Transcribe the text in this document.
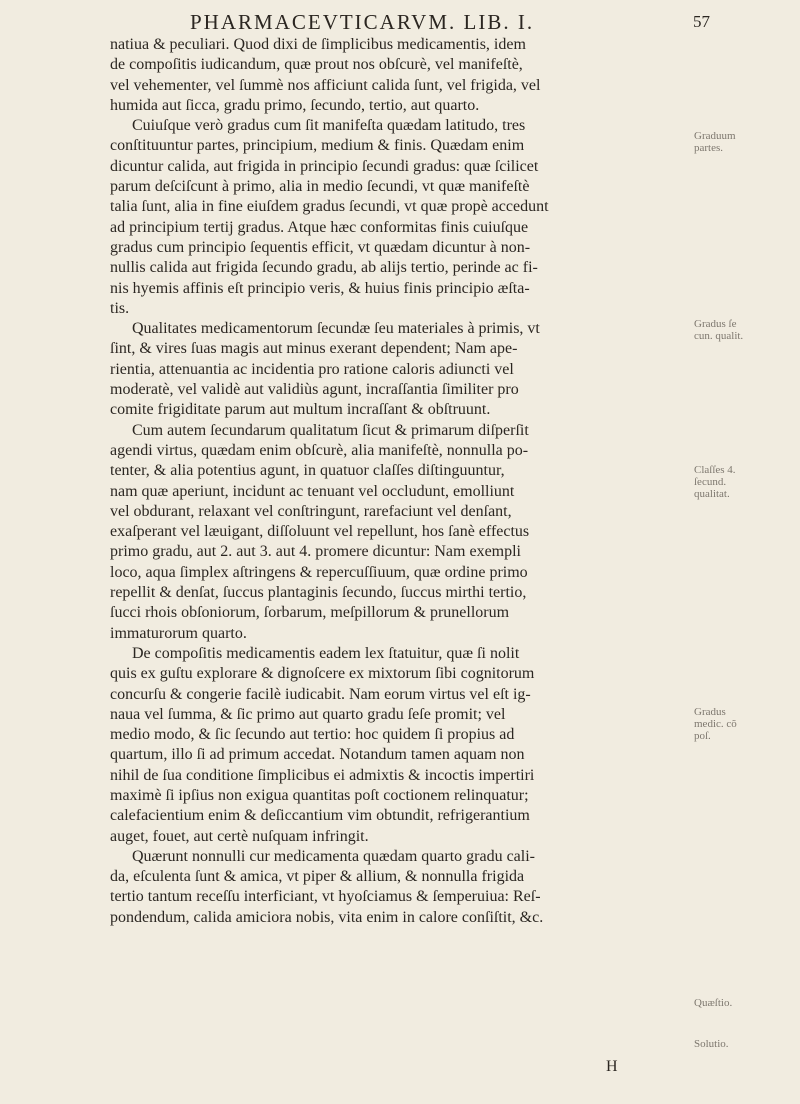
PHARMACEVTICARVM. LIB. I.	57
natiua & peculiari. Quod dixi de ſimplicibus medicamentis, idem
de compoſitis iudicandum, quæ prout nos obſcurè, vel manifeſtè,
vel vehementer, vel ſummè nos afficiunt calida ſunt, vel frigida, vel
humida aut ſicca, gradu primo, ſecundo, tertio, aut quarto.
Cuiuſque verò gradus cum ſit manifeſta quædam latitudo, tres
conſtituuntur partes, principium, medium & finis. Quædam enim
dicuntur calida, aut frigida in principio ſecundi gradus: quæ ſcilicet
parum deſciſcunt à primo, alia in medio ſecundi, vt quæ manifeſtè
talia ſunt, alia in fine eiuſdem gradus ſecundi, vt quæ propè accedunt
ad principium tertij gradus. Atque hæc conformitas finis cuiuſque
gradus cum principio ſequentis efficit, vt quædam dicuntur à non-
nullis calida aut frigida ſecundo gradu, ab alijs tertio, perinde ac fi-
nis hyemis affinis eſt principio veris, & huius finis principio æſta-
tis.
Qualitates medicamentorum ſecundæ ſeu materiales à primis, vt
ſint, & vires ſuas magis aut minus exerant dependent; Nam ape-
rientia, attenuantia ac incidentia pro ratione caloris adiuncti vel
moderatè, vel validè aut validiùs agunt, incraſſantia ſimiliter pro
comite frigiditate parum aut multum incraſſant & obſtruunt.
Cum autem ſecundarum qualitatum ſicut & primarum diſperſit
agendi virtus, quædam enim obſcurè, alia manifeſtè, nonnulla po-
tenter, & alia potentius agunt, in quatuor claſſes diſtinguuntur,
nam quæ aperiunt, incidunt ac tenuant vel occludunt, emolliunt
vel obdurant, relaxant vel conſtringunt, rarefaciunt vel denſant,
exaſperant vel læuigant, diſſoluunt vel repellunt, hos ſanè effectus
primo gradu, aut 2. aut 3. aut 4. promere dicuntur: Nam exempli
loco, aqua ſimplex aſtringens & repercuſſiuum, quæ ordine primo
repellit & denſat, ſuccus plantaginis ſecundo, ſuccus mirthi tertio,
ſucci rhois obſoniorum, ſorbarum, meſpillorum & prunellorum
immaturorum quarto.
De compoſitis medicamentis eadem lex ſtatuitur, quæ ſi nolit
quis ex guſtu explorare & dignoſcere ex mixtorum ſibi cognitorum
concurſu & congerie facilè iudicabit. Nam eorum virtus vel eſt ig-
naua vel ſumma, & ſic primo aut quarto gradu ſeſe promit; vel
medio modo, & ſic ſecundo aut tertio: hoc quidem ſi propius ad
quartum, illo ſi ad primum accedat. Notandum tamen aquam non
nihil de ſua conditione ſimplicibus ei admixtis & incoctis impertiri
maximè ſi ipſius non exigua quantitas poſt coctionem relinquatur;
calefacientium enim & deſiccantium vim obtundit, refrigerantium
auget, fouet, aut certè nuſquam infringit.
Quærunt nonnulli cur medicamenta quædam quarto gradu cali-
da, eſculenta ſunt & amica, vt piper & allium, & nonnulla frigida
tertio tantum receſſu interficiant, vt hyoſciamus & ſemperuiua: Reſ-
pondendum, calida amiciora nobis, vita enim in calore conſiſtit, &c.
Graduum
partes.
Gradus ſe
cun. qualit.
Claſſes 4.
ſecund.
qualitat.
Gradus
medic. cõ
poſ.
Quæſtio.
Solutio.
H
